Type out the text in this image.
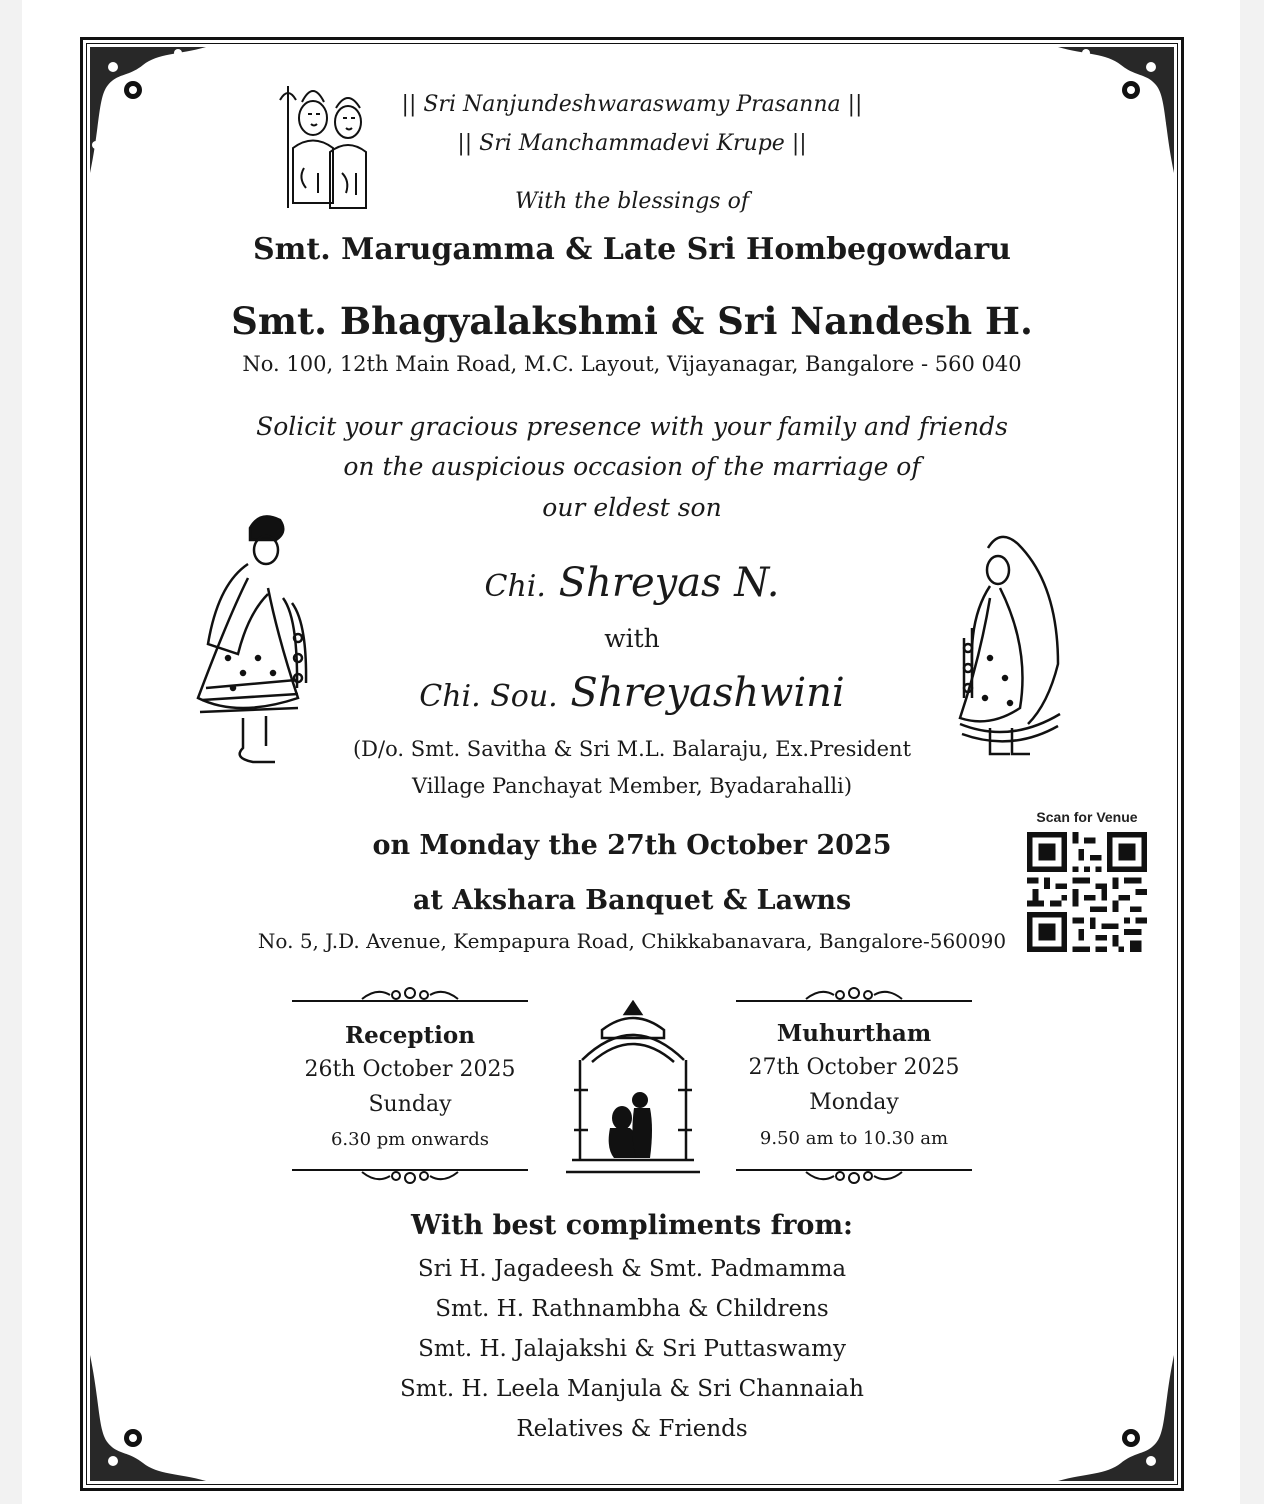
|| Sri Nanjundeshwaraswamy Prasanna ||
|| Sri Manchammadevi Krupe ||
With the blessings of
Smt. Marugamma & Late Sri Hombegowdaru
Smt. Bhagyalakshmi & Sri Nandesh H.
No. 100, 12th Main Road, M.C. Layout, Vijayanagar, Bangalore - 560 040
Solicit your gracious presence with your family and friends
on the auspicious occasion of the marriage of
our eldest son
Chi. Shreyas N.
with
Chi. Sou. Shreyashwini
(D/o. Smt. Savitha & Sri M.L. Balaraju, Ex.President
Village Panchayat Member, Byadarahalli)
on Monday the 27th October 2025
at Akshara Banquet & Lawns
No. 5, J.D. Avenue, Kempapura Road, Chikkabanavara, Bangalore-560090
Scan for Venue
Reception
26th October 2025
Sunday
6.30 pm onwards
Muhurtham
27th October 2025
Monday
9.50 am to 10.30 am
With best compliments from:
Sri H. Jagadeesh & Smt. Padmamma
Smt. H. Rathnambha & Childrens
Smt. H. Jalajakshi & Sri Puttaswamy
Smt. H. Leela Manjula & Sri Channaiah
Relatives & Friends
